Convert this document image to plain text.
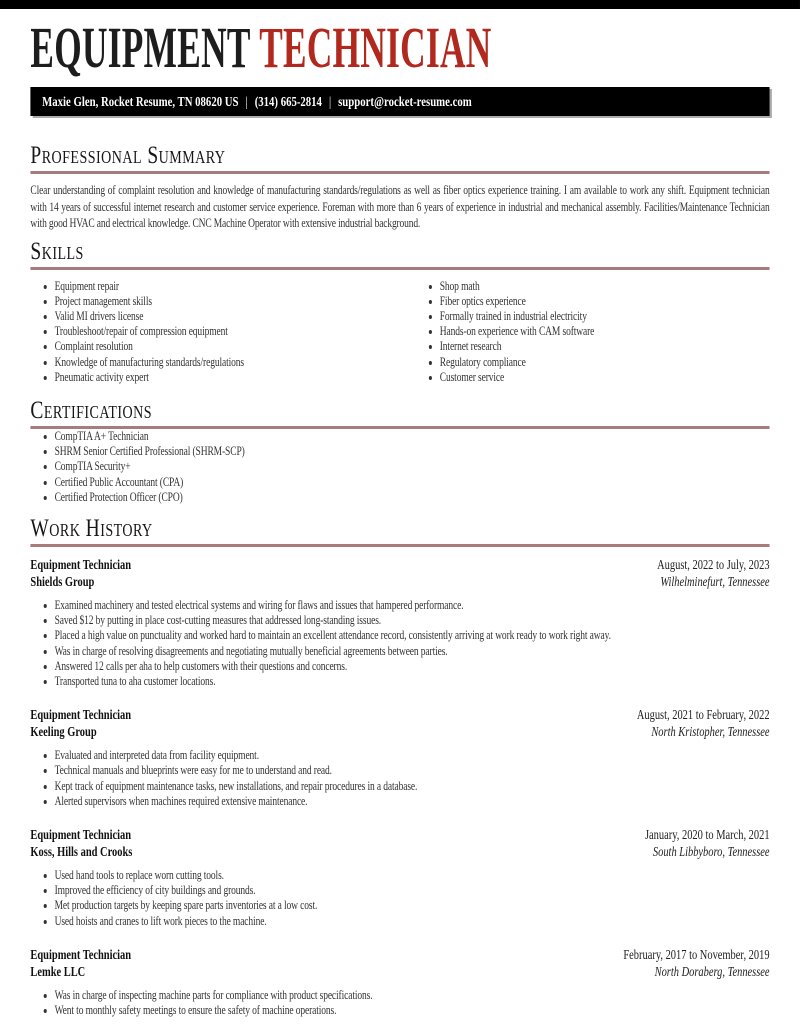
EQUIPMENT TECHNICIAN
Maxie Glen, Rocket Resume, TN 08620 US | (314) 665-2814 | support@rocket-resume.com
Professional Summary

Clear understanding of complaint resolution and knowledge of manufacturing standards/regulations as well as fiber optics experience training. I am available to work any shift. Equipment technician with 14 years of successful internet research and customer service experience. Foreman with more than 6 years of experience in industrial and mechanical assembly. Facilities/Maintenance Technician with good HVAC and electrical knowledge. CNC Machine Operator with extensive industrial background.

Skills
• Equipment repair
• Project management skills
• Valid MI drivers license
• Troubleshoot/repair of compression equipment
• Complaint resolution
• Knowledge of manufacturing standards/regulations
• Pneumatic activity expert
• Shop math
• Fiber optics experience
• Formally trained in industrial electricity
• Hands-on experience with CAM software
• Internet research
• Regulatory compliance
• Customer service
Certifications
• CompTIA A+ Technician
• SHRM Senior Certified Professional (SHRM-SCP)
• CompTIA Security+
• Certified Public Accountant (CPA)
• Certified Protection Officer (CPO)
Work History
Equipment Technician	August, 2022 to July, 2023
Shields Group	Wilhelminefurt, Tennessee
• Examined machinery and tested electrical systems and wiring for flaws and issues that hampered performance.
• Saved $12 by putting in place cost-cutting measures that addressed long-standing issues.
• Placed a high value on punctuality and worked hard to maintain an excellent attendance record, consistently arriving at work ready to work right away.
• Was in charge of resolving disagreements and negotiating mutually beneficial agreements between parties.
• Answered 12 calls per aha to help customers with their questions and concerns.
• Transported tuna to aha customer locations.
Equipment Technician	August, 2021 to February, 2022
Keeling Group	North Kristopher, Tennessee
• Evaluated and interpreted data from facility equipment.
• Technical manuals and blueprints were easy for me to understand and read.
• Kept track of equipment maintenance tasks, new installations, and repair procedures in a database.
• Alerted supervisors when machines required extensive maintenance.
Equipment Technician	January, 2020 to March, 2021
Koss, Hills and Crooks	South Libbyboro, Tennessee
• Used hand tools to replace worn cutting tools.
• Improved the efficiency of city buildings and grounds.
• Met production targets by keeping spare parts inventories at a low cost.
• Used hoists and cranes to lift work pieces to the machine.
Equipment Technician	February, 2017 to November, 2019
Lemke LLC	North Doraberg, Tennessee
• Was in charge of inspecting machine parts for compliance with product specifications.
• Went to monthly safety meetings to ensure the safety of machine operations.
